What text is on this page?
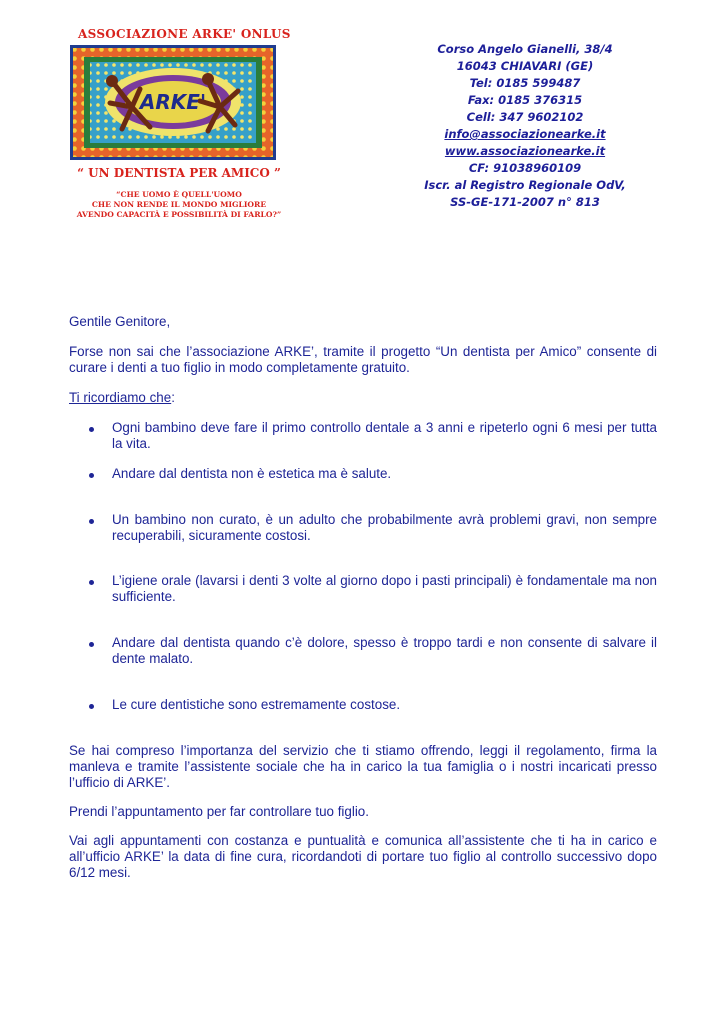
ASSOCIAZIONE ARKE' ONLUS
ARKE'
“ UN DENTISTA PER AMICO ”
“CHE UOMO È QUELL'UOMO
CHE NON RENDE IL MONDO MIGLIORE
AVENDO CAPACITÀ E POSSIBILITÀ DI FARLO?”
Corso Angelo Gianelli, 38/4
16043 CHIAVARI (GE)
Tel: 0185 599487
Fax: 0185 376315
Cell: 347 9602102
info@associazionearke.it
www.associazionearke.it
CF: 91038960109
Iscr. al Registro Regionale OdV,
SS-GE-171-2007 n° 813

Gentile Genitore,

Forse non sai che l’associazione ARKE’, tramite il progetto “Un dentista per Amico” consente di curare i denti a tuo figlio in modo completamente gratuito.

Ti ricordiamo che:

Ogni bambino deve fare il primo controllo dentale a 3 anni e ripeterlo ogni 6 mesi per tutta la vita.
Andare dal dentista non è estetica ma è salute.
Un bambino non curato, è un adulto che probabilmente avrà problemi gravi, non sempre recuperabili, sicuramente costosi.
L’igiene orale (lavarsi i denti 3 volte al giorno dopo i pasti principali) è fondamentale ma non sufficiente.
Andare dal dentista quando c’è dolore, spesso è troppo tardi e non consente di salvare il dente malato.
Le cure dentistiche sono estremamente costose.

Se hai compreso l’importanza del servizio che ti stiamo offrendo, leggi il regolamento, firma la manleva e tramite l’assistente sociale che ha in carico la tua famiglia o i nostri incaricati presso l’ufficio di ARKE’.

Prendi l’appuntamento per far controllare tuo figlio.

Vai agli appuntamenti con costanza e puntualità e comunica all’assistente che ti ha in carico e all’ufficio ARKE’ la data di fine cura, ricordandoti di portare tuo figlio al controllo successivo dopo 6/12 mesi.
